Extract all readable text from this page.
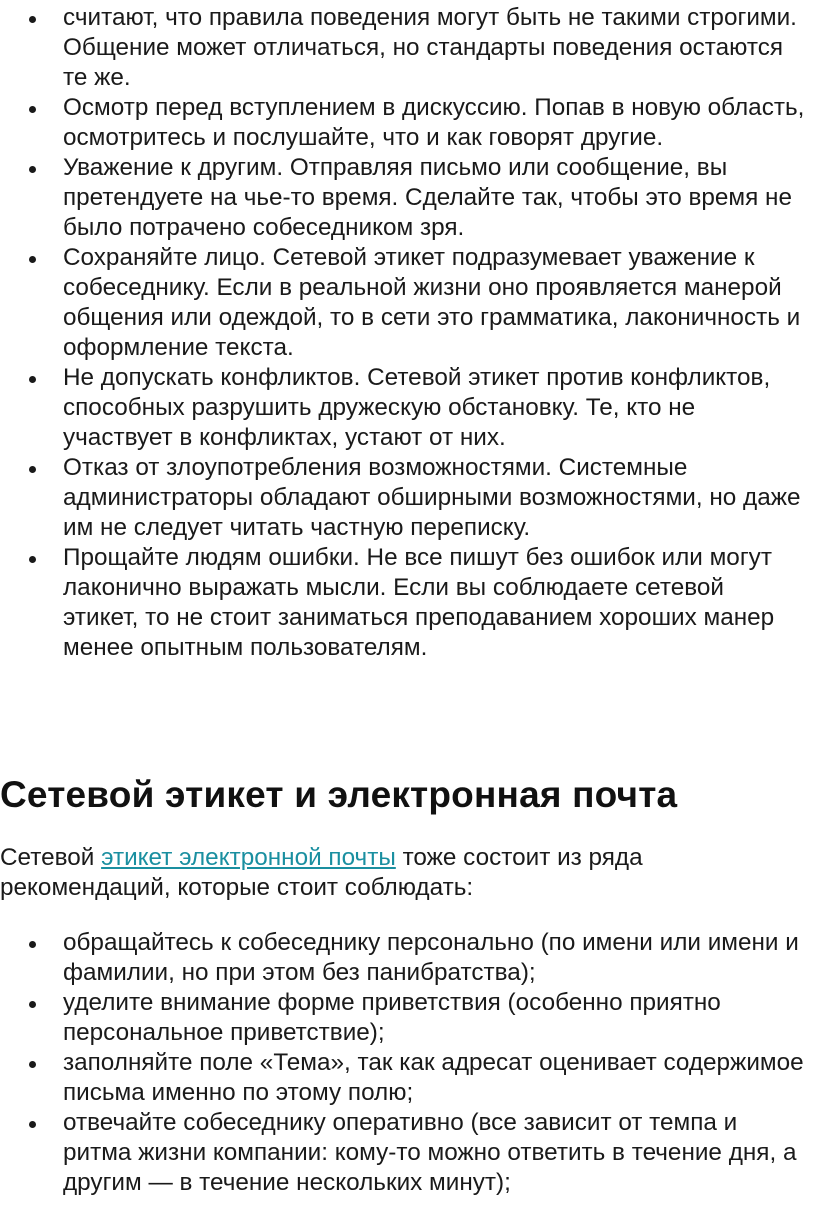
считают, что правила поведения могут быть не такими строгими. Общение может отличаться, но стандарты поведения остаются те же.
Осмотр перед вступлением в дискуссию. Попав в новую область, осмотритесь и послушайте, что и как говорят другие.
Уважение к другим. Отправляя письмо или сообщение, вы претендуете на чье-то время. Сделайте так, чтобы это время не было потрачено собеседником зря.
Сохраняйте лицо. Сетевой этикет подразумевает уважение к собеседнику. Если в реальной жизни оно проявляется манерой общения или одеждой, то в сети это грамматика, лаконичность и оформление текста.
Не допускать конфликтов. Сетевой этикет против конфликтов, способных разрушить дружескую обстановку. Те, кто не участвует в конфликтах, устают от них.
Отказ от злоупотребления возможностями. Системные администраторы обладают обширными возможностями, но даже им не следует читать частную переписку.
Прощайте людям ошибки. Не все пишут без ошибок или могут лаконично выражать мысли. Если вы соблюдаете сетевой этикет, то не стоит заниматься преподаванием хороших манер менее опытным пользователям.
Сетевой этикет и электронная почта

Сетевой этикет электронной почты тоже состоит из ряда рекомендаций, которые стоит соблюдать:

обращайтесь к собеседнику персонально (по имени или имени и фамилии, но при этом без панибратства);
уделите внимание форме приветствия (особенно приятно персональное приветствие);
заполняйте поле «Тема», так как адресат оценивает содержимое письма именно по этому полю;
отвечайте собеседнику оперативно (все зависит от темпа и ритма жизни компании: кому-то можно ответить в течение дня, а другим — в течение нескольких минут);
